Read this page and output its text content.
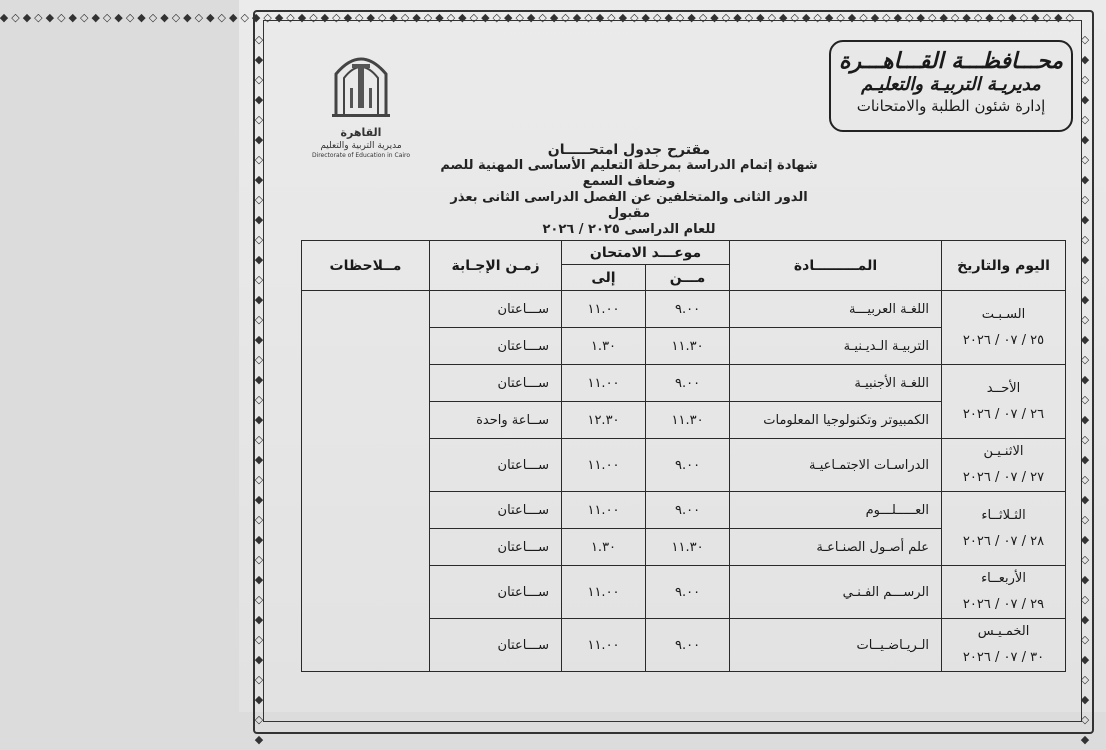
◇◆◇◆◇◆◇◆◇◆◇◆◇◆◇◆◇◆◇◆◇◆◇◆◇◆◇◆◇◆◇◆◇◆◇◆◇◆◇◆◇◆◇◆◇◆◇◆◇◆◇◆◇◆◇◆◇◆◇◆◇◆◇◆◇◆◇◆◇◆◇◆◇◆◇◆◇◆◇◆◇◆◇◆◇◆◇◆◇◆◇◆◇◆
◇◆◇◆◇◆◇◆◇◆◇◆◇◆◇◆◇◆◇◆◇◆◇◆◇◆◇◆◇◆◇◆◇◆◇◆
◇◆◇◆◇◆◇◆◇◆◇◆◇◆◇◆◇◆◇◆◇◆◇◆◇◆◇◆◇◆◇◆◇◆◇◆
القاهرة
مديرية التربية والتعليم
Directorate of Education in Cairo
محـــافظـــة القـــاهـــرة
مديريـة التربيـة والتعليـم
إدارة شئون الطلبة والامتحانات
مقترح جدول امتحـــــان
شهادة إتمام الدراسة بمرحلة التعليم الأساسى المهنية للصم وضعاف السمع
الدور الثانى والمتخلفين عن الفصل الدراسى الثانى بعذر مقبول
للعام الدراسى ٢٠٢٥ / ٢٠٢٦
اليوم والتاريخ	المـــــــــادة	موعـــد الامتحان		زمـن الإجـابة	مــلاحظات
		مـــن	إلى		

السـبـت
٢٥ / ٠٧ / ٢٠٢٦	اللغـة العربيـــة	٩.٠٠	١١.٠٠	ســـاعتان	
	التربيـة الـديـنيـة	١١.٣٠	١.٣٠	ســـاعتان	

الأحــد
٢٦ / ٠٧ / ٢٠٢٦	اللغـة الأجنبيـة	٩.٠٠	١١.٠٠	ســـاعتان	
	الكمبيوتر وتكنولوجيا المعلومات	١١.٣٠	١٢.٣٠	ســاعة واحدة	

الاثنـيـن
٢٧ / ٠٧ / ٢٠٢٦	الدراسـات الاجتمـاعيـة	٩.٠٠	١١.٠٠	ســـاعتان	

الثـلاثــاء
٢٨ / ٠٧ / ٢٠٢٦	العـــــلـــوم	٩.٠٠	١١.٠٠	ســـاعتان	
	علم أصـول الصنـاعـة	١١.٣٠	١.٣٠	ســـاعتان	

الأربعــاء
٢٩ / ٠٧ / ٢٠٢٦	الرســـم الفـنـي	٩.٠٠	١١.٠٠	ســـاعتان	

الخمـيـس
٣٠ / ٠٧ / ٢٠٢٦	الـريـاضـيــات	٩.٠٠	١١.٠٠	ســـاعتان	
